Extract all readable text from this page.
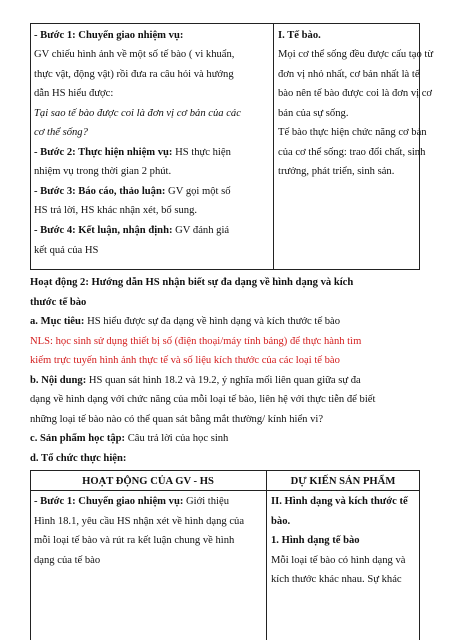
- Bước 1: Chuyển giao nhiệm vụ:
GV chiếu hình ảnh về một số tế bào ( vi khuẩn,
thực vật, động vật) rồi đưa ra câu hỏi và hướng
dẫn HS hiểu được:
Tại sao tế bào được coi là đơn vị cơ bản của các
cơ thể sống?
- Bước 2: Thực hiện nhiệm vụ: HS thực hiện
nhiệm vụ trong thời gian 2 phút.
- Bước 3: Báo cáo, thảo luận: GV gọi một số
HS trả lời, HS khác nhận xét, bổ sung.
- Bước 4: Kết luận, nhận định: GV đánh giá
kết quả của HS
I. Tế bào.
Mọi cơ thể sống đều được cấu tạo từ
đơn vị nhỏ nhất, cơ bản nhất là tế
bào nên tế bào được coi là đơn vị cơ
bản của sự sống.
Tế bào thực hiện chức năng cơ bản
của cơ thể sống: trao đổi chất, sinh
trưởng, phát triển, sinh sản.
Hoạt động 2: Hướng dẫn HS nhận biết sự đa dạng về hình dạng và kích
thước tế bào
a. Mục tiêu: HS hiểu được sự đa dạng về hình dạng và kích thước tế bào
NLS: học sinh sử dụng thiết bị số (điện thoại/máy tính bảng) để thực hành tìm
kiếm trực tuyến hình ảnh thực tế và số liệu kích thước của các loại tế bào
b. Nội dung: HS quan sát hình 18.2 và 19.2, ý nghĩa mối liên quan giữa sự đa
dạng về hình dạng với chức năng của mỗi loại tế bào, liên hệ với thực tiễn để biết
những loại tế bào nào có thể quan sát bằng mắt thường/ kính hiển vi?
c. Sản phẩm học tập: Câu trả lời của học sinh
d. Tổ chức thực hiện:
HOẠT ĐỘNG CỦA GV - HS	DỰ KIẾN SẢN PHẨM
- Bước 1: Chuyển giao nhiệm vụ: Giới thiệu
Hình 18.1, yêu cầu HS nhận xét về hình dạng của
mỗi loại tế bào và rút ra kết luận chung về hình
dạng của tế bào
II. Hình dạng và kích thước tế
bào.
1. Hình dạng tế bào
Mỗi loại tế bào có hình dạng và
kích thước khác nhau. Sự khác
